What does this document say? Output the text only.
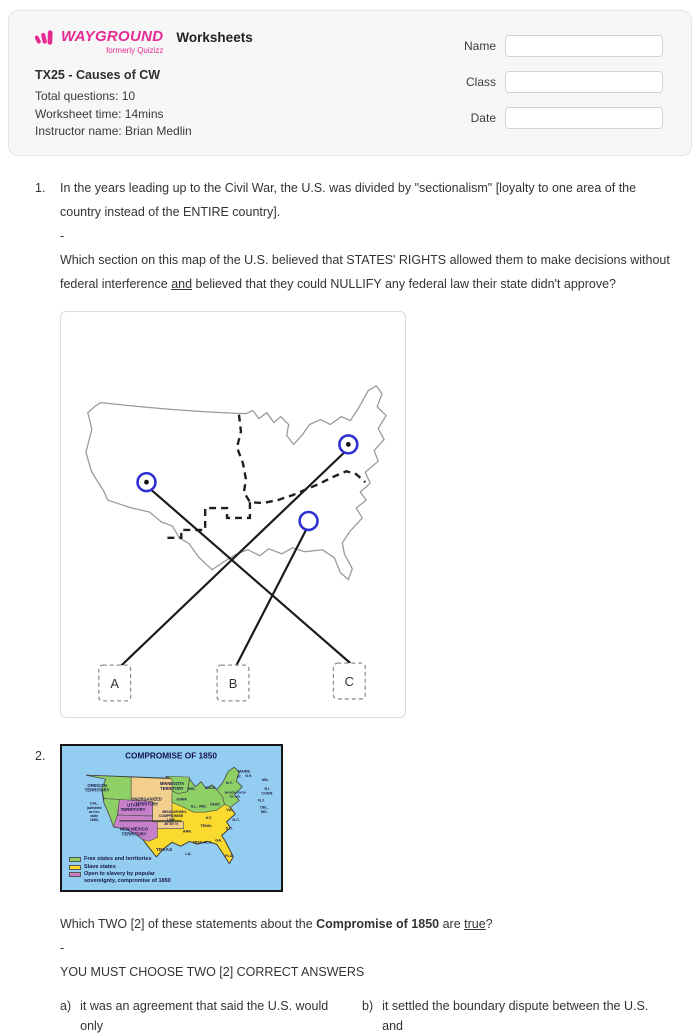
WAYGROUND
formerly Quizizz
Worksheets
TX25 - Causes of CW
Total questions: 10
Worksheet time: 14mins
Instructor name: Brian Medlin
Name
Class
Date
1.	In the years leading up to the Civil War, the U.S. was divided by "sectionalism" [loyalty to one area of the country instead of the ENTIRE country].

-

Which section on this map of the U.S. believed that STATES' RIGHTS allowed them to make decisions without federal interference and believed that they could NULLIFY any federal law their state didn't approve?

A	B	C
2.	COMPROMISE OF 1850
OREGON
TERRITORY
MINNESOTA
TERRITORY
UNORGANIZED
TERRITORY
UTAH
TERRITORY
NEW MEXICO
TERRITORY
CAL.
(admitted
as free
state
1850)
TEXAS
MISSOURI
COMPROMISE
LINE
36°30' N
WIS. MICH.
IOWA
ILL. IND. OHIO
MO.
KY.
TENN.
ARK.
MISS. ALA. GA.
LA.	FLA.
VA.
N.C.
S.C.
N.Y.
MAINE
N.H.
VT.
MA.
R.I.
CONN.
N.J.
MASON-DIXON
PA.-MD.
DEL.
MD.
Free states and territories
Slave states
Open to slavery by popular sovereignty, compromise of 1850

Which TWO [2] of these statements about the Compromise of 1850 are true?

-

YOU MUST CHOOSE TWO [2] CORRECT ANSWERS

a) it was an agreement that said the U.S. would only
b) it settled the boundary dispute between the U.S. and
